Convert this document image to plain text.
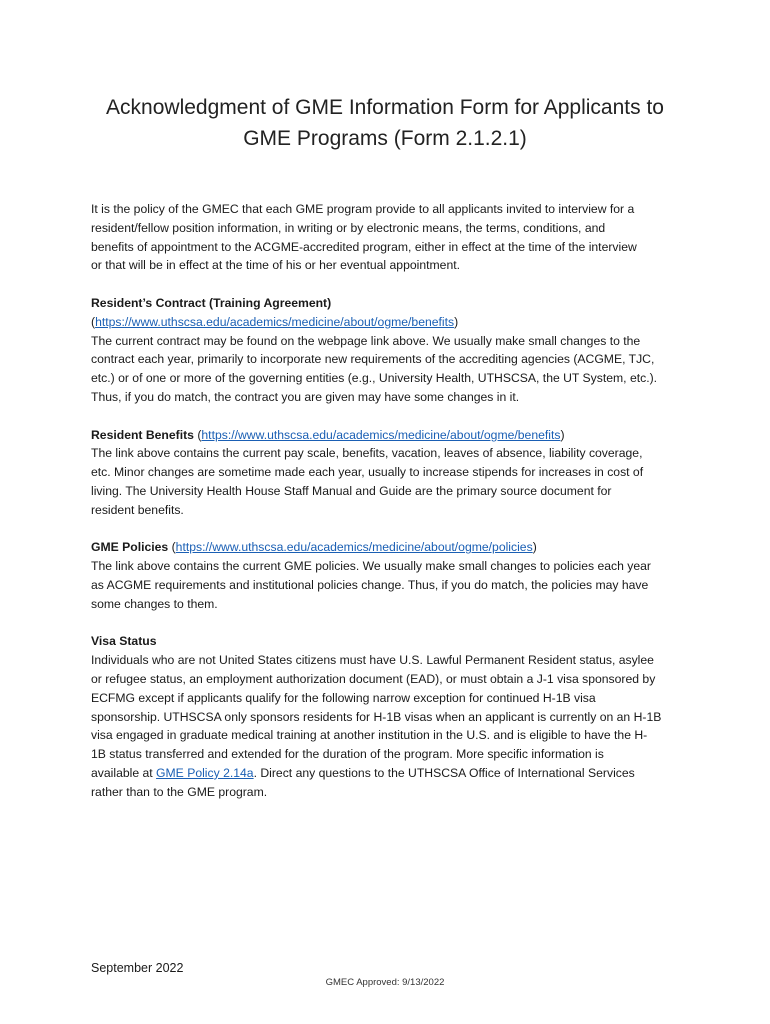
Acknowledgment of GME Information Form for Applicants to
GME Programs (Form 2.1.2.1)
It is the policy of the GMEC that each GME program provide to all applicants invited to interview for a
resident/fellow position information, in writing or by electronic means, the terms, conditions, and
benefits of appointment to the ACGME-accredited program, either in effect at the time of the interview
or that will be in effect at the time of his or her eventual appointment.
Resident’s Contract (Training Agreement)
(https://www.uthscsa.edu/academics/medicine/about/ogme/benefits)
The current contract may be found on the webpage link above. We usually make small changes to the
contract each year, primarily to incorporate new requirements of the accrediting agencies (ACGME, TJC,
etc.) or of one or more of the governing entities (e.g., University Health, UTHSCSA, the UT System, etc.).
Thus, if you do match, the contract you are given may have some changes in it.
Resident Benefits (https://www.uthscsa.edu/academics/medicine/about/ogme/benefits)
The link above contains the current pay scale, benefits, vacation, leaves of absence, liability coverage,
etc. Minor changes are sometime made each year, usually to increase stipends for increases in cost of
living. The University Health House Staff Manual and Guide are the primary source document for
resident benefits.
GME Policies (https://www.uthscsa.edu/academics/medicine/about/ogme/policies)
The link above contains the current GME policies. We usually make small changes to policies each year
as ACGME requirements and institutional policies change. Thus, if you do match, the policies may have
some changes to them.
Visa Status
Individuals who are not United States citizens must have U.S. Lawful Permanent Resident status, asylee
or refugee status, an employment authorization document (EAD), or must obtain a J-1 visa sponsored by
ECFMG except if applicants qualify for the following narrow exception for continued H-1B visa
sponsorship. UTHSCSA only sponsors residents for H-1B visas when an applicant is currently on an H-1B
visa engaged in graduate medical training at another institution in the U.S. and is eligible to have the H-
1B status transferred and extended for the duration of the program. More specific information is
available at GME Policy 2.14a. Direct any questions to the UTHSCSA Office of International Services
rather than to the GME program.
September 2022
GMEC Approved: 9/13/2022
